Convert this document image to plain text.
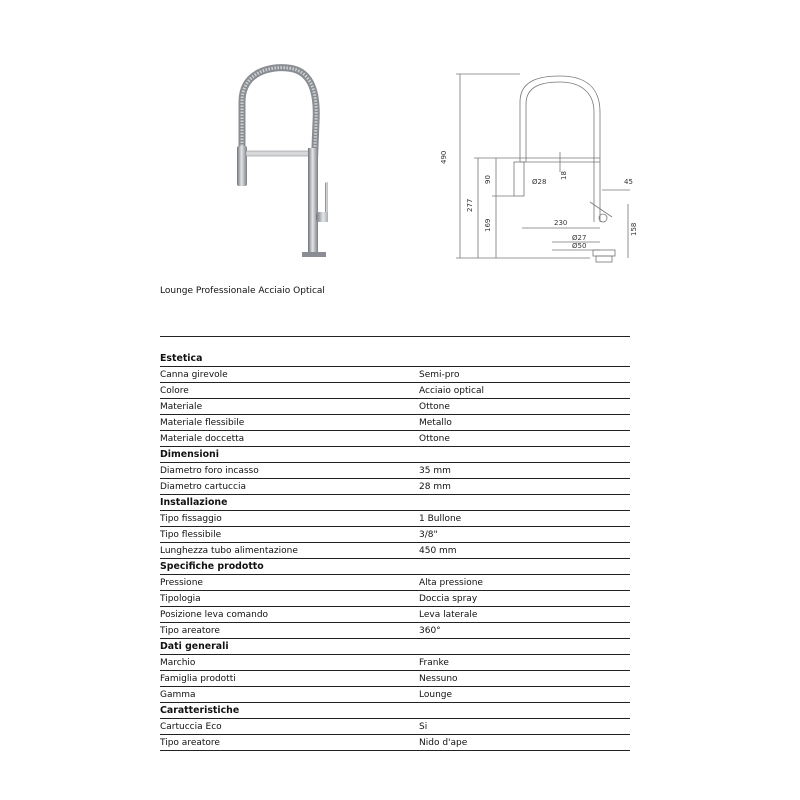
490
277
169
90	18
Ø28
230
45
158
Ø27
Ø50
Lounge Professionale Acciaio Optical
Estetica
Canna girevole	Semi-pro
Colore	Acciaio optical
Materiale	Ottone
Materiale flessibile	Metallo
Materiale doccetta	Ottone
Dimensioni
Diametro foro incasso	35 mm
Diametro cartuccia	28 mm
Installazione
Tipo fissaggio	1 Bullone
Tipo flessibile	3/8"
Lunghezza tubo alimentazione	450 mm
Specifiche prodotto
Pressione	Alta pressione
Tipologia	Doccia spray
Posizione leva comando	Leva laterale
Tipo areatore	360°
Dati generali
Marchio	Franke
Famiglia prodotti	Nessuno
Gamma	Lounge
Caratteristiche
Cartuccia Eco	Si
Tipo areatore	Nido d'ape
